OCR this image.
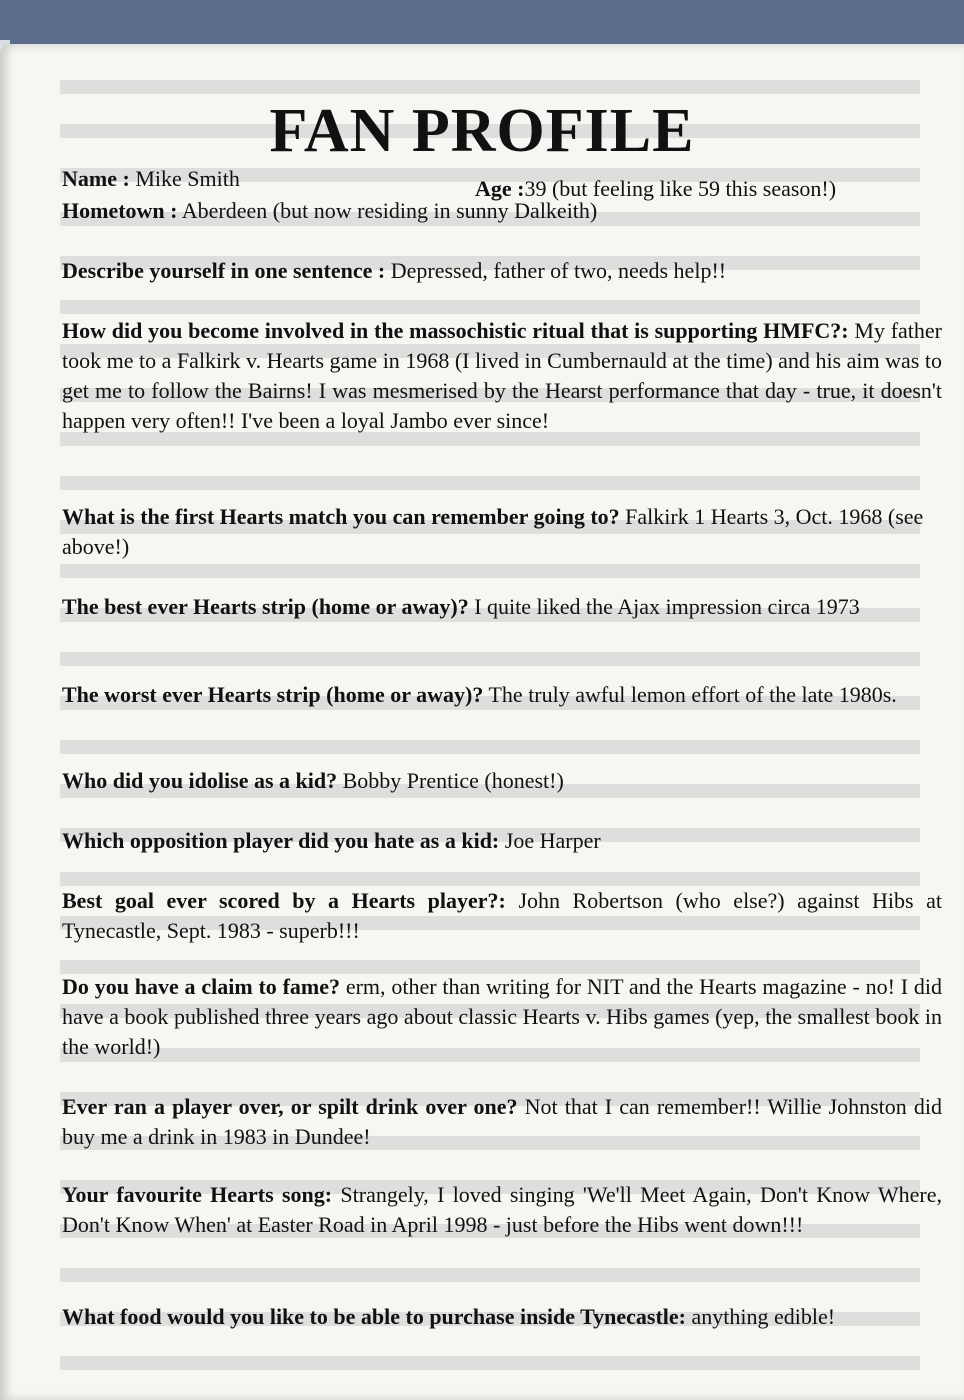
FAN PROFILE
Name : Mike Smith	Age :39 (but feeling like 59 this season!)
Hometown : Aberdeen (but now residing in sunny Dalkeith)
Describe yourself in one sentence : Depressed, father of two, needs help!!
How did you become involved in the massochistic ritual that is supporting HMFC?: My father took me to a Falkirk v. Hearts game in 1968 (I lived in Cumbernauld at the time) and his aim was to get me to follow the Bairns! I was mesmerised by the Hearst performance that day - true, it doesn't happen very often!! I've been a loyal Jambo ever since!
What is the first Hearts match you can remember going to? Falkirk 1 Hearts 3, Oct. 1968 (see above!)
The best ever Hearts strip (home or away)? I quite liked the Ajax impression circa 1973
The worst ever Hearts strip (home or away)? The truly awful lemon effort of the late 1980s.
Who did you idolise as a kid? Bobby Prentice (honest!)
Which opposition player did you hate as a kid: Joe Harper
Best goal ever scored by a Hearts player?: John Robertson (who else?) against Hibs at Tynecastle, Sept. 1983 - superb!!!
Do you have a claim to fame? erm, other than writing for NIT and the Hearts magazine - no! I did have a book published three years ago about classic Hearts v. Hibs games (yep, the smallest book in the world!)
Ever ran a player over, or spilt drink over one? Not that I can remember!! Willie Johnston did buy me a drink in 1983 in Dundee!
Your favourite Hearts song: Strangely, I loved singing 'We'll Meet Again, Don't Know Where, Don't Know When' at Easter Road in April 1998 - just before the Hibs went down!!!
What food would you like to be able to purchase inside Tynecastle: anything edible!
